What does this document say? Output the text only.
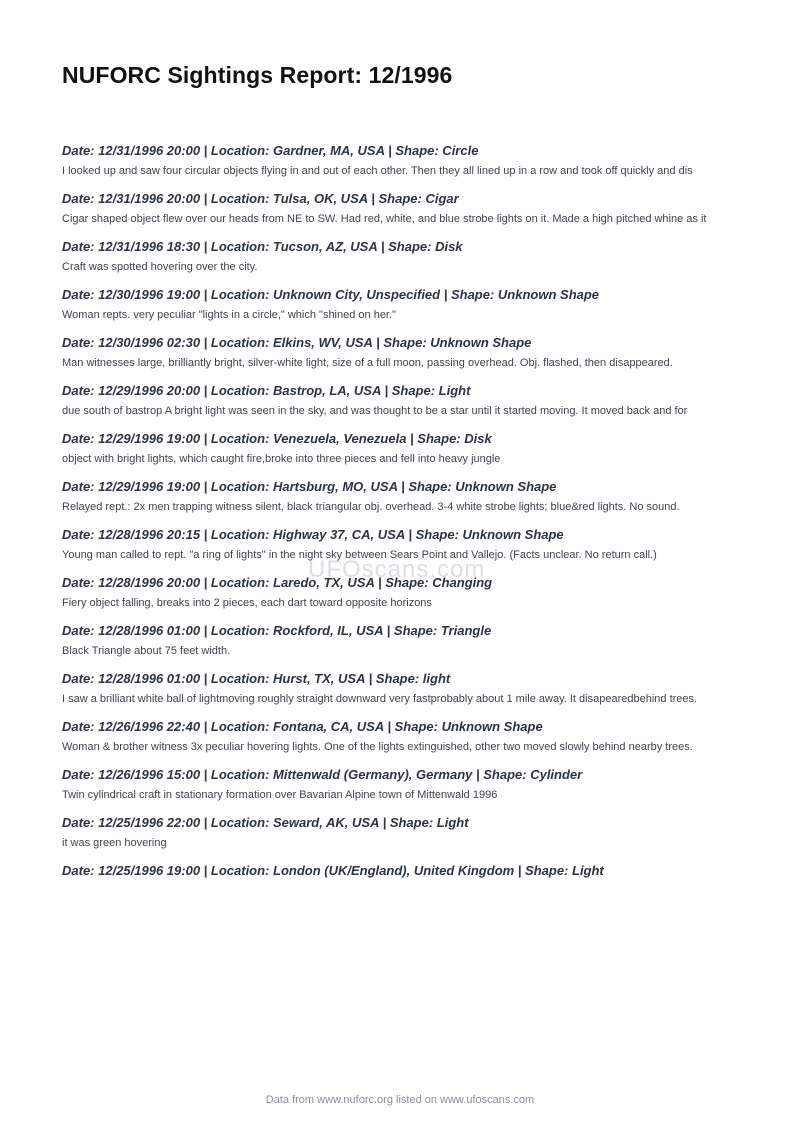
NUFORC Sightings Report: 12/1996

Date: 12/31/1996 20:00 | Location: Gardner, MA, USA | Shape: Circle

I looked up and saw four circular objects flying in and out of each other. Then they all lined up in a row and took off quickly and dis

Date: 12/31/1996 20:00 | Location: Tulsa, OK, USA | Shape: Cigar

Cigar shaped object flew over our heads from NE to SW. Had red, white, and blue strobe lights on it. Made a high pitched whine as it

Date: 12/31/1996 18:30 | Location: Tucson, AZ, USA | Shape: Disk

Craft was spotted hovering over the city.

Date: 12/30/1996 19:00 | Location: Unknown City, Unspecified | Shape: Unknown Shape

Woman repts. very peculiar "lights in a circle," which "shined on her."

Date: 12/30/1996 02:30 | Location: Elkins, WV, USA | Shape: Unknown Shape

Man witnesses large, brilliantly bright, silver-white light, size of a full moon, passing overhead. Obj. flashed, then disappeared.

Date: 12/29/1996 20:00 | Location: Bastrop, LA, USA | Shape: Light

due south of bastrop A bright light was seen in the sky, and was thought to be a star until it started moving. It moved back and for

Date: 12/29/1996 19:00 | Location: Venezuela, Venezuela | Shape: Disk

object with bright lights, which caught fire,broke into three pieces and fell into heavy jungle

Date: 12/29/1996 19:00 | Location: Hartsburg, MO, USA | Shape: Unknown Shape

Relayed rept.: 2x men trapping witness silent, black triangular obj. overhead. 3-4 white strobe lights; blue&red lights. No sound.

Date: 12/28/1996 20:15 | Location: Highway 37, CA, USA | Shape: Unknown Shape

Young man called to rept. "a ring of lights" in the night sky between Sears Point and Vallejo. (Facts unclear. No return call.)

Date: 12/28/1996 20:00 | Location: Laredo, TX, USA | Shape: Changing

Fiery object falling, breaks into 2 pieces, each dart toward opposite horizons

Date: 12/28/1996 01:00 | Location: Rockford, IL, USA | Shape: Triangle

Black Triangle about 75 feet width.

Date: 12/28/1996 01:00 | Location: Hurst, TX, USA | Shape: light

I saw a brilliant white ball of lightmoving roughly straight downward very fastprobably about 1 mile away. It disapearedbehind trees.

Date: 12/26/1996 22:40 | Location: Fontana, CA, USA | Shape: Unknown Shape

Woman & brother witness 3x peculiar hovering lights. One of the lights extinguished, other two moved slowly behind nearby trees.

Date: 12/26/1996 15:00 | Location: Mittenwald (Germany), Germany | Shape: Cylinder

Twin cylindrical craft in stationary formation over Bavarian Alpine town of Mittenwald 1996

Date: 12/25/1996 22:00 | Location: Seward, AK, USA | Shape: Light

it was green hovering

Date: 12/25/1996 19:00 | Location: London (UK/England), United Kingdom | Shape: Light

UFOscans.com
Data from www.nuforc.org listed on www.ufoscans.com
